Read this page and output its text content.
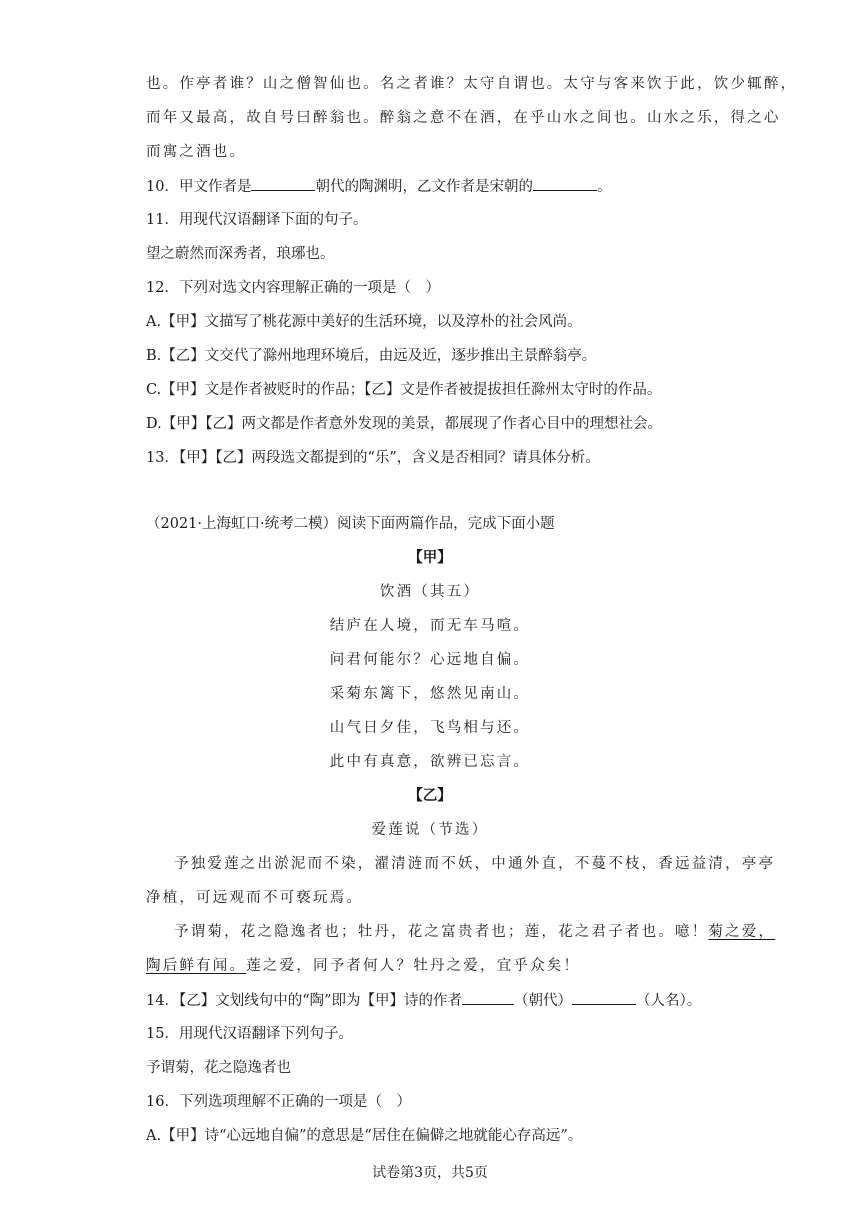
也。作亭者谁？山之僧智仙也。名之者谁？太守自谓也。太守与客来饮于此，饮少辄醉，
而年又最高，故自号曰醉翁也。醉翁之意不在酒，在乎山水之间也。山水之乐，得之心
而寓之酒也。
10．甲文作者是	朝代的陶渊明，乙文作者是宋朝的	。
11．用现代汉语翻译下面的句子。
望之蔚然而深秀者，琅琊也。
12．下列对选文内容理解正确的一项是（　）
A.【甲】文描写了桃花源中美好的生活环境，以及淳朴的社会风尚。
B.【乙】文交代了滁州地理环境后，由远及近，逐步推出主景醉翁亭。
C.【甲】文是作者被贬时的作品；【乙】文是作者被提拔担任滁州太守时的作品。
D.【甲】【乙】两文都是作者意外发现的美景，都展现了作者心目中的理想社会。
13．【甲】【乙】两段选文都提到的“乐”，含义是否相同？请具体分析。
（2021·上海虹口·统考二模）阅读下面两篇作品，完成下面小题
【甲】
饮酒（其五）
结庐在人境，而无车马喧。
问君何能尔？心远地自偏。
采菊东篱下，悠然见南山。
山气日夕佳，飞鸟相与还。
此中有真意，欲辨已忘言。
【乙】
爱莲说（节选）
予独爱莲之出淤泥而不染，濯清涟而不妖，中通外直，不蔓不枝，香远益清，亭亭
净植，可远观而不可亵玩焉。
予谓菊，花之隐逸者也；牡丹，花之富贵者也；莲，花之君子者也。噫！菊之爱，
陶后鲜有闻。莲之爱，同予者何人？牡丹之爱，宜乎众矣！
14．【乙】文划线句中的“陶”即为【甲】诗的作者	（朝代）	（人名）。
15．用现代汉语翻译下列句子。
予谓菊，花之隐逸者也
16．下列选项理解不正确的一项是（　）
A.【甲】诗“心远地自偏”的意思是“居住在偏僻之地就能心存高远”。
试卷第3页，共5页
